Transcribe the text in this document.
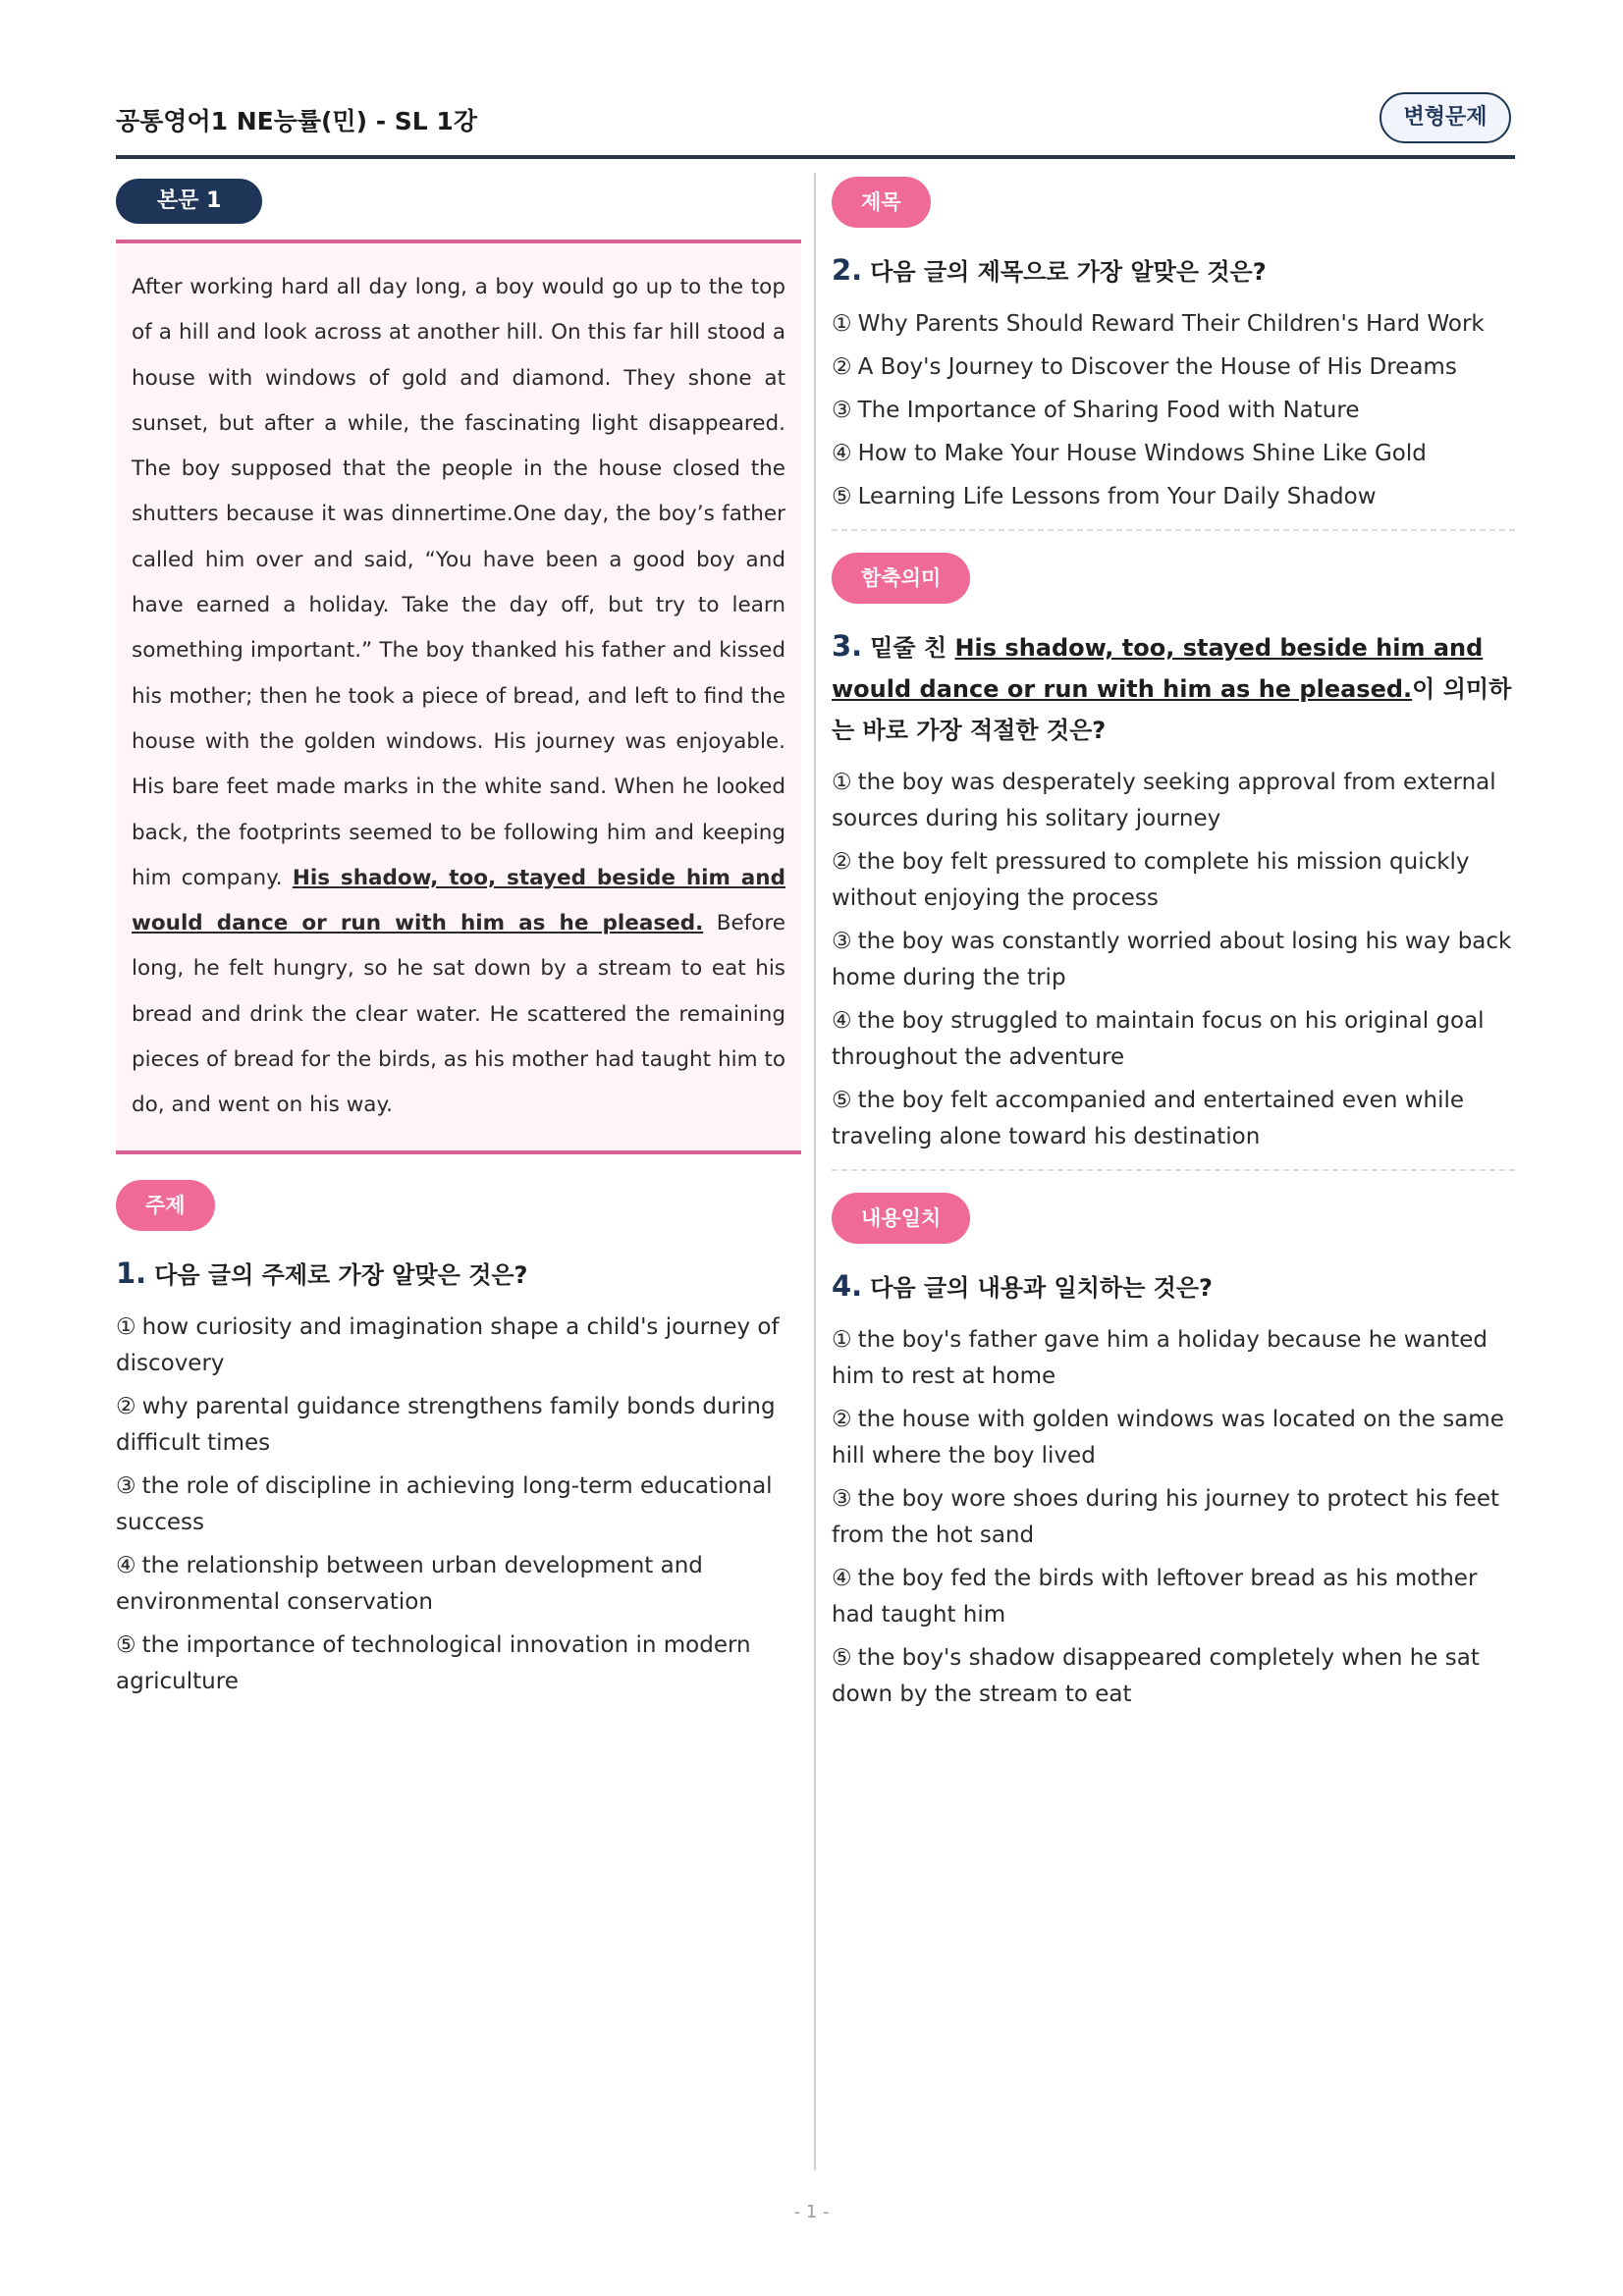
공통영어1 NE능률(민) - SL 1강	변형문제
본문 1
After working hard all day long, a boy would go up to the top of a hill and look across at another hill. On this far hill stood a house with windows of gold and diamond. They shone at sunset, but after a while, the fascinating light disappeared. The boy supposed that the people in the house closed the shutters because it was dinnertime.One day, the boy’s father called him over and said, “You have been a good boy and have earned a holiday. Take the day off, but try to learn something important.” The boy thanked his father and kissed his mother; then he took a piece of bread, and left to find the house with the golden windows. His journey was enjoyable. His bare feet made marks in the white sand. When he looked back, the footprints seemed to be following him and keeping him company. His shadow, too, stayed beside him and would dance or run with him as he pleased. Before long, he felt hungry, so he sat down by a stream to eat his bread and drink the clear water. He scattered the remaining pieces of bread for the birds, as his mother had taught him to do, and went on his way.
주제
1. 다음 글의 주제로 가장 알맞은 것은?
① how curiosity and imagination shape a child's journey of discovery
② why parental guidance strengthens family bonds during difficult times
③ the role of discipline in achieving long-term educational success
④ the relationship between urban development and environmental conservation
⑤ the importance of technological innovation in modern agriculture
제목
2. 다음 글의 제목으로 가장 알맞은 것은?
① Why Parents Should Reward Their Children's Hard Work
② A Boy's Journey to Discover the House of His Dreams
③ The Importance of Sharing Food with Nature
④ How to Make Your House Windows Shine Like Gold
⑤ Learning Life Lessons from Your Daily Shadow
함축의미
3. 밑줄 친 His shadow, too, stayed beside him and would dance or run with him as he pleased.이 의미하는 바로 가장 적절한 것은?
① the boy was desperately seeking approval from external sources during his solitary journey
② the boy felt pressured to complete his mission quickly without enjoying the process
③ the boy was constantly worried about losing his way back home during the trip
④ the boy struggled to maintain focus on his original goal throughout the adventure
⑤ the boy felt accompanied and entertained even while traveling alone toward his destination
내용일치
4. 다음 글의 내용과 일치하는 것은?
① the boy's father gave him a holiday because he wanted him to rest at home
② the house with golden windows was located on the same hill where the boy lived
③ the boy wore shoes during his journey to protect his feet from the hot sand
④ the boy fed the birds with leftover bread as his mother had taught him
⑤ the boy's shadow disappeared completely when he sat down by the stream to eat
- 1 -
